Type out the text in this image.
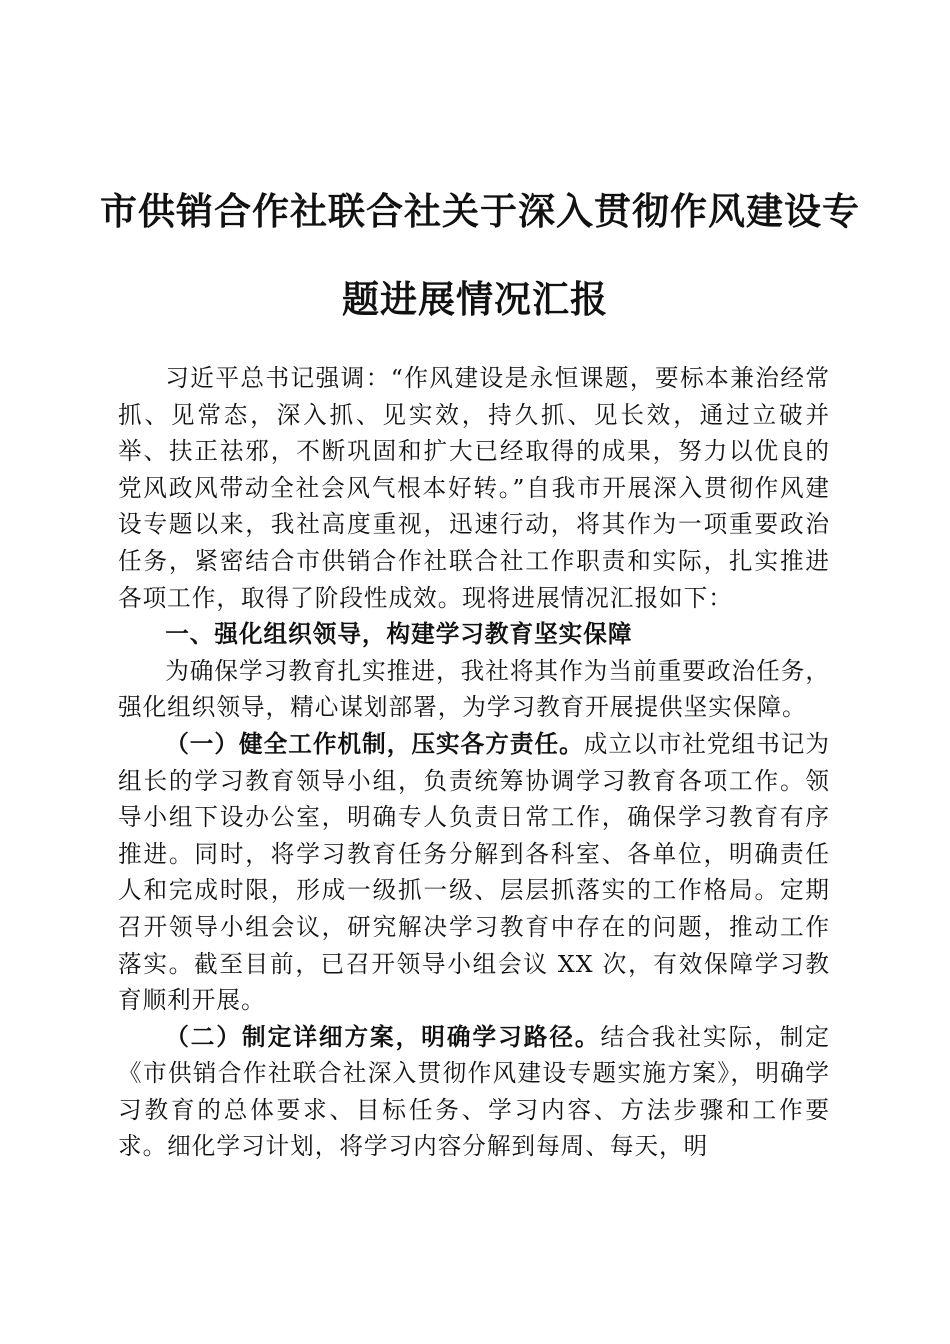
市供销合作社联合社关于深入贯彻作风建设专
题进展情况汇报

习近平总书记强调：“作风建设是永恒课题，要标本兼治经常抓、见常态，深入抓、见实效，持久抓、见长效，通过立破并举、扶正祛邪，不断巩固和扩大已经取得的成果，努力以优良的党风政风带动全社会风气根本好转。”自我市开展深入贯彻作风建设专题以来，我社高度重视，迅速行动，将其作为一项重要政治任务，紧密结合市供销合作社联合社工作职责和实际，扎实推进各项工作，取得了阶段性成效。现将进展情况汇报如下：

一、强化组织领导，构建学习教育坚实保障

为确保学习教育扎实推进，我社将其作为当前重要政治任务，强化组织领导，精心谋划部署，为学习教育开展提供坚实保障。

（一）健全工作机制，压实各方责任。成立以市社党组书记为组长的学习教育领导小组，负责统筹协调学习教育各项工作。领导小组下设办公室，明确专人负责日常工作，确保学习教育有序推进。同时，将学习教育任务分解到各科室、各单位，明确责任人和完成时限，形成一级抓一级、层层抓落实的工作格局。定期召开领导小组会议，研究解决学习教育中存在的问题，推动工作落实。截至目前，已召开领导小组会议 XX 次，有效保障学习教育顺利开展。

（二）制定详细方案，明确学习路径。结合我社实际，制定《市供销合作社联合社深入贯彻作风建设专题实施方案》，明确学习教育的总体要求、目标任务、学习内容、方法步骤和工作要求。细化学习计划，将学习内容分解到每周、每天，明
